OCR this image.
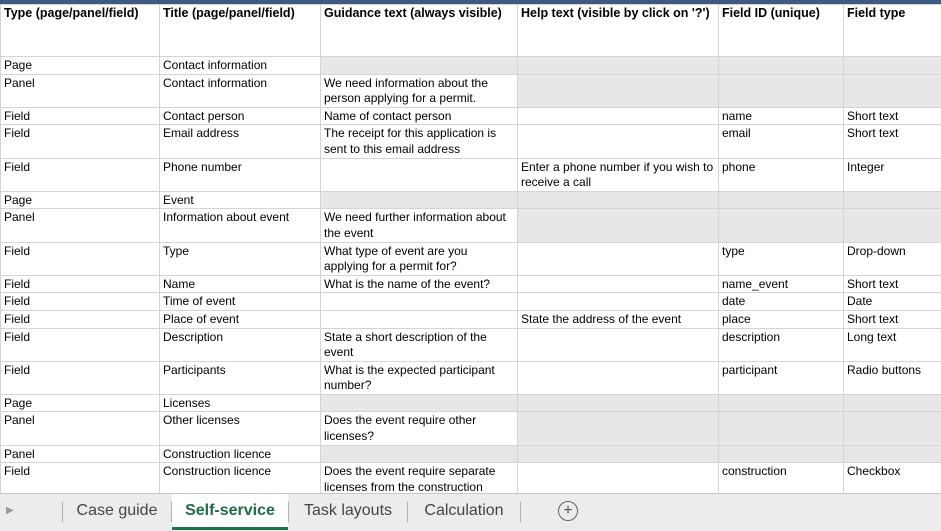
Type (page/panel/field)	Title (page/panel/field)	Guidance text (always visible)	Help text (visible by click on '?')	Field ID (unique)	Field type
Page	Contact information				
Panel	Contact information	We need information about the person applying for a permit.			
Field	Contact person	Name of contact person		name	Short text
Field	Email address	The receipt for this application is sent to this email address		email	Short text
Field	Phone number		Enter a phone number if you wish to receive a call	phone	Integer
Page	Event				
Panel	Information about event	We need further information about the event			
Field	Type	What type of event are you applying for a permit for?		type	Drop-down
Field	Name	What is the name of the event?		name_event	Short text
Field	Time of event			date	Date
Field	Place of event		State the address of the event	place	Short text
Field	Description	State a short description of the event		description	Long text
Field	Participants	What is the expected participant number?		participant	Radio buttons
Page	Licenses				
Panel	Other licenses	Does the event require other licenses?			
Panel	Construction licence				
Field	Construction licence	Does the event require separate licenses from the construction		construction	Checkbox

▶	Case guide	Self-service	Task layouts	Calculation	+
